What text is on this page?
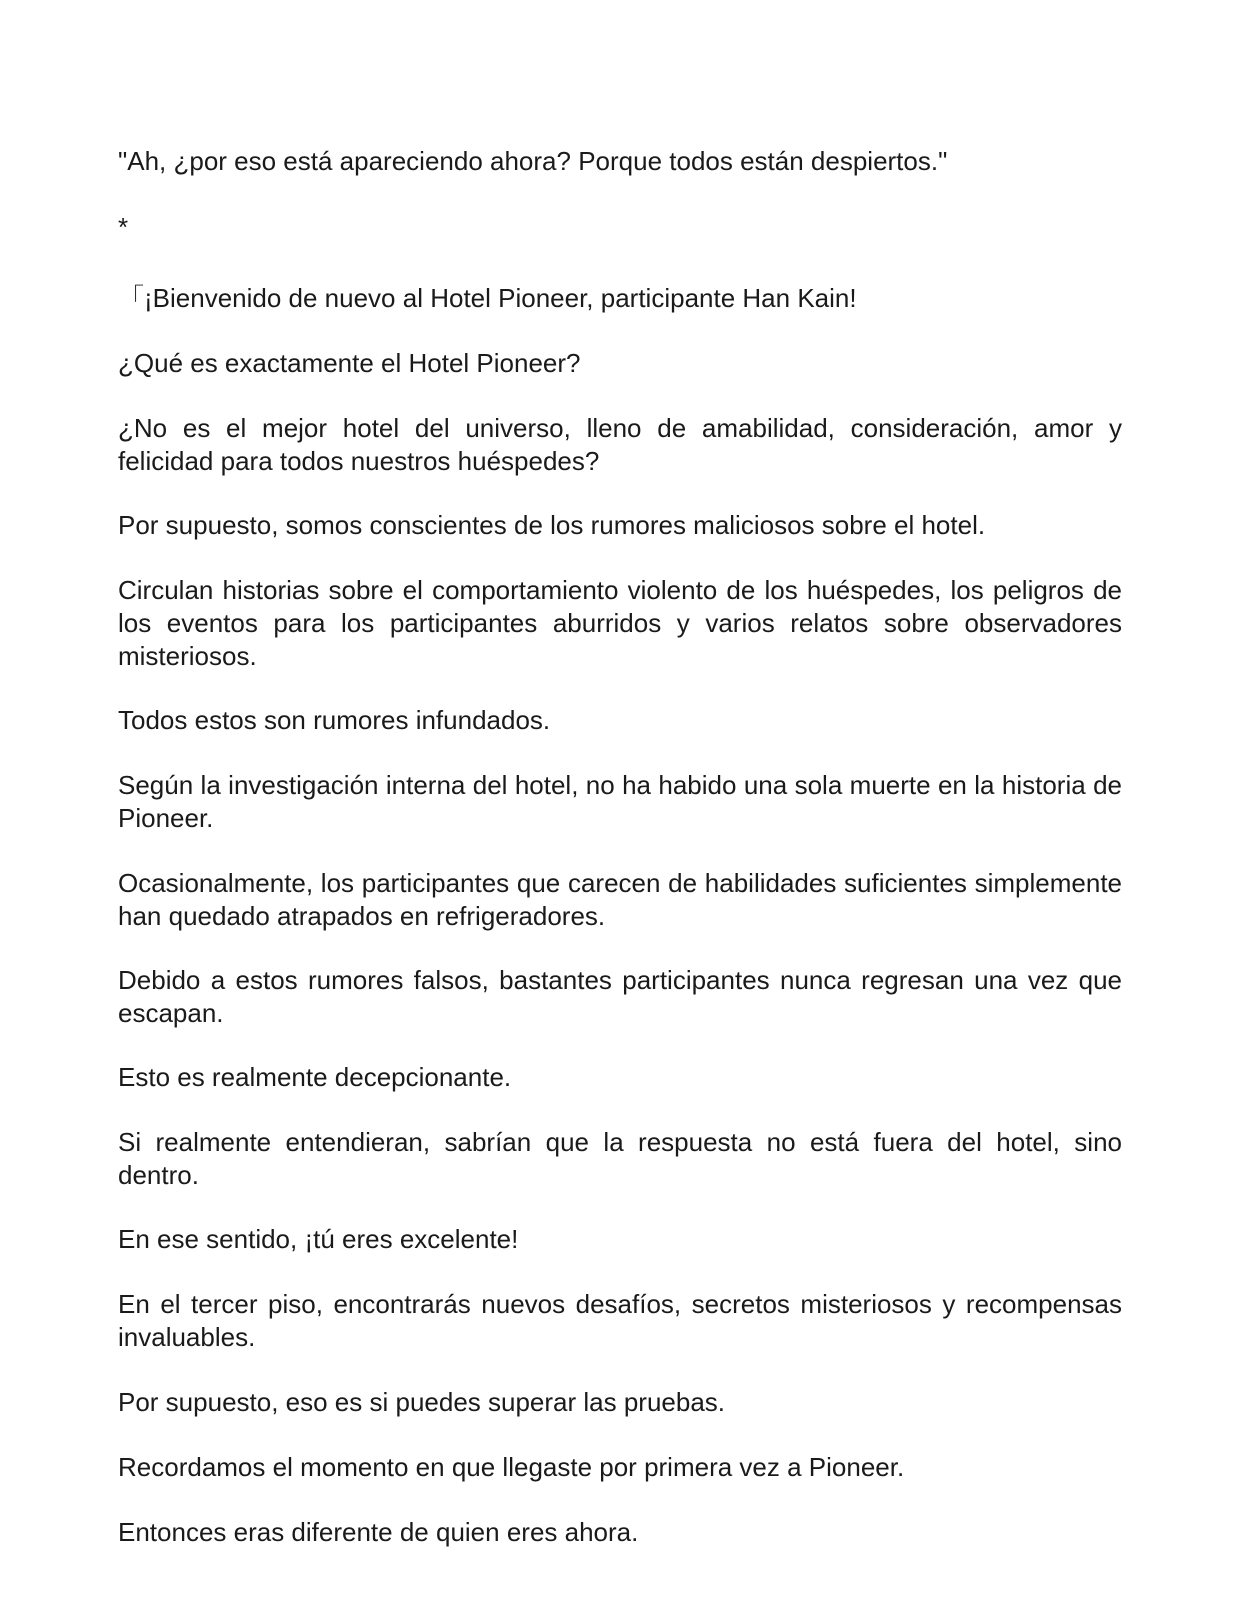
"Ah, ¿por eso está apareciendo ahora? Porque todos están despiertos."

*

「¡Bienvenido de nuevo al Hotel Pioneer, participante Han Kain!

¿Qué es exactamente el Hotel Pioneer?

¿No es el mejor hotel del universo, lleno de amabilidad, consideración, amor y felicidad para todos nuestros huéspedes?

Por supuesto, somos conscientes de los rumores maliciosos sobre el hotel.

Circulan historias sobre el comportamiento violento de los huéspedes, los peligros de los eventos para los participantes aburridos y varios relatos sobre observadores misteriosos.

Todos estos son rumores infundados.

Según la investigación interna del hotel, no ha habido una sola muerte en la historia de Pioneer.

Ocasionalmente, los participantes que carecen de habilidades suficientes simplemente han quedado atrapados en refrigeradores.

Debido a estos rumores falsos, bastantes participantes nunca regresan una vez que escapan.

Esto es realmente decepcionante.

Si realmente entendieran, sabrían que la respuesta no está fuera del hotel, sino dentro.

En ese sentido, ¡tú eres excelente!

En el tercer piso, encontrarás nuevos desafíos, secretos misteriosos y recompensas invaluables.

Por supuesto, eso es si puedes superar las pruebas.

Recordamos el momento en que llegaste por primera vez a Pioneer.

Entonces eras diferente de quien eres ahora.
